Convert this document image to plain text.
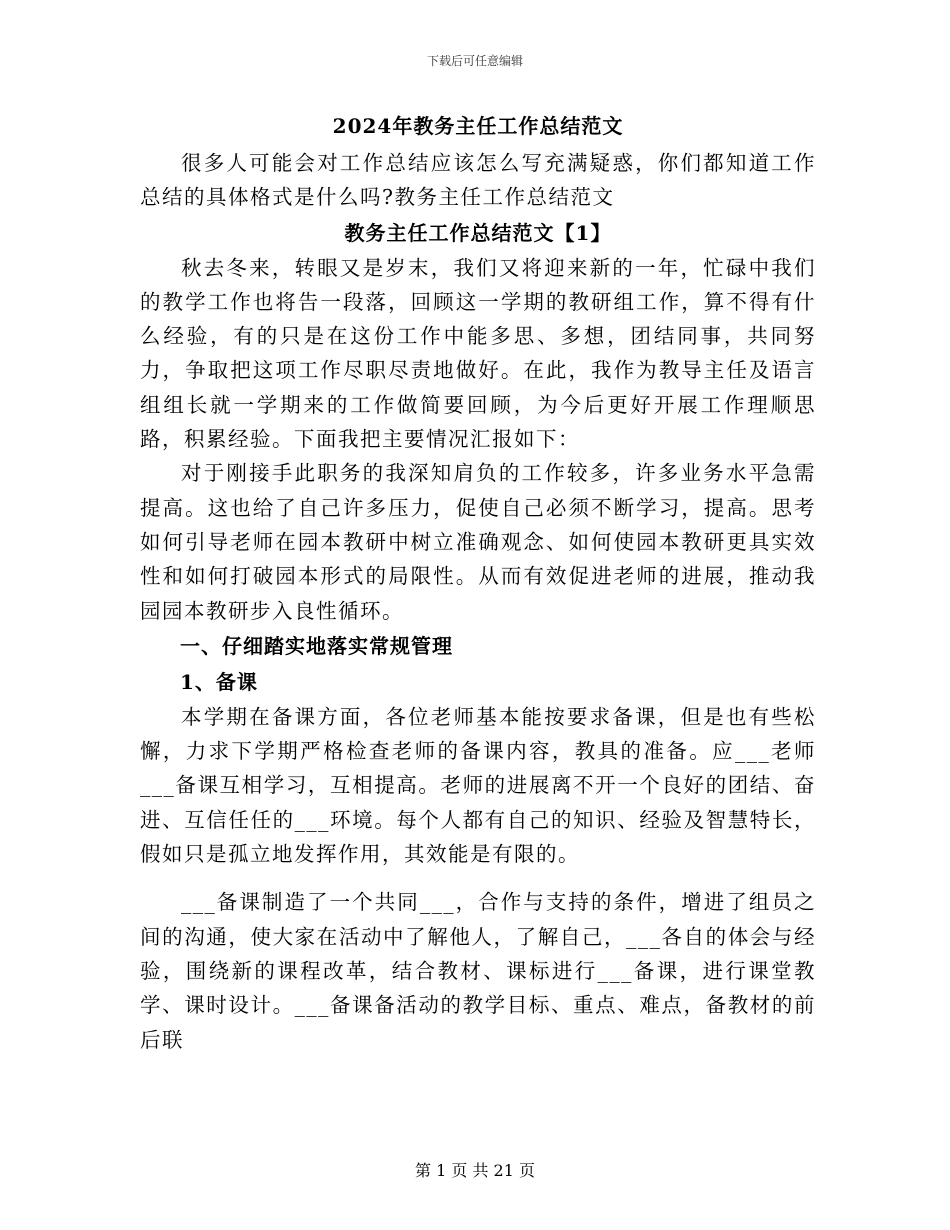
下载后可任意编辑
2024年教务主任工作总结范文

很多人可能会对工作总结应该怎么写充满疑惑，你们都知道工作总结的具体格式是什么吗?教务主任工作总结范文

教务主任工作总结范文【1】

秋去冬来，转眼又是岁末，我们又将迎来新的一年，忙碌中我们的教学工作也将告一段落，回顾这一学期的教研组工作，算不得有什么经验，有的只是在这份工作中能多思、多想，团结同事，共同努力，争取把这项工作尽职尽责地做好。在此，我作为教导主任及语言组组长就一学期来的工作做简要回顾，为今后更好开展工作理顺思路，积累经验。下面我把主要情况汇报如下：

对于刚接手此职务的我深知肩负的工作较多，许多业务水平急需提高。这也给了自己许多压力，促使自己必须不断学习，提高。思考如何引导老师在园本教研中树立准确观念、如何使园本教研更具实效性和如何打破园本形式的局限性。从而有效促进老师的进展，推动我园园本教研步入良性循环。

一、仔细踏实地落实常规管理
1、备课

本学期在备课方面，各位老师基本能按要求备课，但是也有些松懈，力求下学期严格检查老师的备课内容，教具的准备。应___老师___备课互相学习，互相提高。老师的进展离不开一个良好的团结、奋进、互信任任的___环境。每个人都有自己的知识、经验及智慧特长，假如只是孤立地发挥作用，其效能是有限的。

___备课制造了一个共同___，合作与支持的条件，增进了组员之间的沟通，使大家在活动中了解他人，了解自己，___各自的体会与经验，围绕新的课程改革，结合教材、课标进行___备课，进行课堂教学、课时设计。___备课备活动的教学目标、重点、难点，备教材的前后联

第 1 页 共 21 页
